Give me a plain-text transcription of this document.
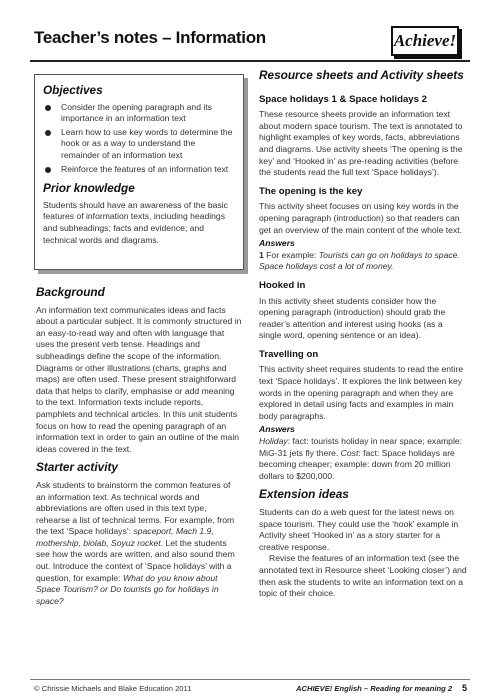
Teacher’s notes – Information	Achieve!
Objectives
Consider the opening paragraph and its importance in an information text
Learn how to use key words to determine the hook or as a way to understand the remainder of an information text
Reinforce the features of an information text
Prior knowledge

Students should have an awareness of the basic features of information texts, including headings and subheadings; facts and evidence; and technical words and diagrams.

Background

An information text communicates ideas and facts about a particular subject. It is commonly structured in an easy-to-read way and often with language that uses the present verb tense. Headings and subheadings define the scope of the information. Diagrams or other illustrations (charts, graphs and maps) are often used. These present straightforward data that helps to clarify, emphasise or add meaning to the text. Information texts include reports, pamphlets and technical articles. In this unit students focus on how to read the opening paragraph of an information text in order to gain an outline of the main ideas covered in the text.

Starter activity

Ask students to brainstorm the common features of an information text. As technical words and abbreviations are often used in this text type, rehearse a list of technical terms. For example, from the text ‘Space holidays’: spaceport, Mach 1.9, mothership, biolab, Soyuz rocket. Let the students see how the words are written, and also sound them out. Introduce the context of ‘Space holidays’ with a question, for example: What do you know about Space Tourism? or Do tourists go for holidays in space?

Resource sheets and Activity sheets
Space holidays 1 & Space holidays 2

These resource sheets provide an information text about modern space tourism. The text is annotated to highlight examples of key words, facts, abbreviations and diagrams. Use activity sheets ‘The opening is the key’ and ‘Hooked in’ as pre-reading activities (before the students read the full text ‘Space holidays’).

The opening is the key

This activity sheet focuses on using key words in the opening paragraph (introduction) so that readers can get an overview of the main content of the whole text.

Answers

1 For example: Tourists can go on holidays to space. Space holidays cost a lot of money.

Hooked in

In this activity sheet students consider how the opening paragraph (introduction) should grab the reader’s attention and interest using hooks (as a single word, opening sentence or an idea).

Travelling on

This activity sheet requires students to read the entire text ‘Space holidays’. It explores the link between key words in the opening paragraph and when they are explored in detail using facts and examples in main body paragraphs.

Answers

Holiday: fact: tourists holiday in near space; example: MiG-31 jets fly there. Cost: fact: Space holidays are becoming cheaper; example: down from 20 million dollars to $200,000.

Extension ideas

Students can do a web quest for the latest news on space tourism. They could use the ‘hook’ example in Activity sheet ‘Hooked in’ as a story starter for a creative response.

Revise the features of an information text (see the annotated text in Resource sheet ‘Looking closer’) and then ask the students to write an information text on a topic of their choice.

© Chrissie Michaels and Blake Education 2011	ACHIEVE! English – Reading for meaning 2 5
